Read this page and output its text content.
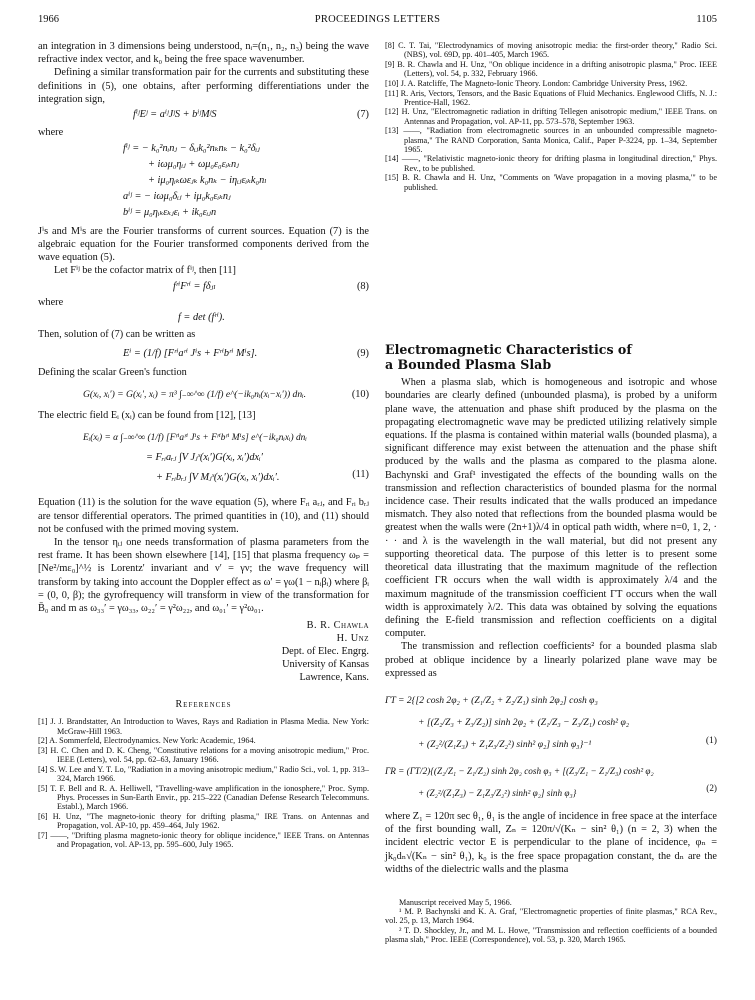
1966	PROCEEDINGS LETTERS	1105

an integration in 3 dimensions being understood, nᵢ=(n₁, n₂, n₃) being the wave refractive index vector, and k₀ being the free space wavenumber.

Defining a similar transformation pair for the currents and substituting these definitions in (5), one obtains, after performing differentiations under the integration sign,

fⁱʲEʲ = aⁱʲJʲS + bⁱʲMʲS	(7)

where

fⁱʲ = − k₀²nᵢnⱼ − δᵢⱼk₀²nₖnₖ − k₀²δᵢⱼ
+ iωμ₀ηᵢⱼ + ωμ₀ε₀εᵢₖnⱼ
+ iμ₀ηᵢₖωεⱼₖ k₀nₖ − iηᵢⱼεᵢₖk₀nₗ
aⁱʲ = − iωμ₀δᵢⱼ + iμ₀k₀εᵢₖnⱼ
bⁱʲ = μ₀ηᵢₖεₖⱼεᵢ + ik₀εᵢⱼn

Jⁱs and Mⁱs are the Fourier transforms of current sources. Equation (7) is the algebraic equation for the Fourier transformed components derived from the wave equation (5).

Let Fⁱʲ be the cofactor matrix of fⁱʲ, then [11]

fʳⁱFʳⁱ = fδⱼₗ	(8)

where

f = det (fʳⁱ).

Then, solution of (7) can be written as

Eⁱ = (1/f) [Fʳⁱaʳⁱ Jⁱs + Fʳⁱbʳⁱ Mⁱs].	(9)

Defining the scalar Green's function

G(xᵢ, xᵢ′) = G(xᵢ′, xᵢ) = π³ ∫₋∞^∞ (1/f) e^(−ik₀nᵢ(xᵢ−xᵢ′)) dnᵢ.	(10)

The electric field Eᵢ (xᵢ) can be found from [12], [13]

Eᵢ(xᵢ) = α ∫₋∞^∞ (1/f) [Fʳⁱaʳⁱ Jⁱs + Fʳⁱbʳⁱ Mⁱs] e^(−ik₀nᵢxᵢ) dnᵢ
= Fᵣᵢaᵣⱼ ∫V Jⱼˢ(xᵢ′)G(xᵢ, xᵢ′)dxᵢ′
+ Fᵣᵢbᵣⱼ ∫V Mⱼˢ(xᵢ′)G(xᵢ, xᵢ′)dxᵢ′.	(11)

Equation (11) is the solution for the wave equation (5), where Fᵣᵢ aᵣⱼ, and Fᵣᵢ bᵣⱼ are tensor differential operators. The primed quantities in (10), and (11) should not be confused with the primed moving system.

In the tensor ηᵢⱼ one needs transformation of plasma parameters from the rest frame. It has been shown elsewhere [14], [15] that plasma frequency ωₚ = [Ne²/mε₀]^½ is Lorentz' invariant and ν′ = γν; the wave frequency will transform by taking into account the Doppler effect as ω′ = γω(1 − nᵢβᵢ) where βᵢ = (0, 0, β); the gyrofrequency will transform in view of the transformation for B̄₀ and m as ω₃₃′ = γω₃₃, ω₂₂′ = γ²ω₂₂, and ω₀₁′ = γ²ω₀₁.

B. R. Chawla
H. Unz
Dept. of Elec. Engrg.
University of Kansas
Lawrence, Kans.
References
[1] J. J. Brandstatter, An Introduction to Waves, Rays and Radiation in Plasma Media. New York: McGraw-Hill 1963.
[2] A. Sommerfeld, Electrodynamics. New York: Academic, 1964.
[3] H. C. Chen and D. K. Cheng, "Constitutive relations for a moving anisotropic medium," Proc. IEEE (Letters), vol. 54, pp. 62–63, January 1966.
[4] S. W. Lee and Y. T. Lo, "Radiation in a moving anisotropic medium," Radio Sci., vol. 1, pp. 313–324, March 1966.
[5] T. F. Bell and R. A. Helliwell, "Travelling-wave amplification in the ionosphere," Proc. Symp. Phys. Processes in Sun-Earth Envir., pp. 215–222 (Canadian Defense Research Telecommuns. Establ.), March 1966.
[6] H. Unz, "The magneto-ionic theory for drifting plasma," IRE Trans. on Antennas and Propagation, vol. AP-10, pp. 459–464, July 1962.
[7] ——, "Drifting plasma magneto-ionic theory for oblique incidence," IEEE Trans. on Antennas and Propagation, vol. AP-13, pp. 595–600, July 1965.
[8] C. T. Tai, "Electrodynamics of moving anisotropic media: the first-order theory," Radio Sci. (NBS), vol. 69D, pp. 401–405, March 1965.
[9] B. R. Chawla and H. Unz, "On oblique incidence in a drifting anisotropic plasma," Proc. IEEE (Letters), vol. 54, p. 332, February 1966.
[10] J. A. Ratcliffe, The Magneto-Ionic Theory. London: Cambridge University Press, 1962.
[11] R. Aris, Vectors, Tensors, and the Basic Equations of Fluid Mechanics. Englewood Cliffs, N. J.: Prentice-Hall, 1962.
[12] H. Unz, "Electromagnetic radiation in drifting Tellegen anisotropic medium," IEEE Trans. on Antennas and Propagation, vol. AP-11, pp. 573–578, September 1963.
[13] ——, "Radiation from electromagnetic sources in an unbounded compressible magneto-plasma," The RAND Corporation, Santa Monica, Calif., Paper P-3224, pp. 1–34, September 1965.
[14] ——, "Relativistic magneto-ionic theory for drifting plasma in longitudinal direction," Phys. Rev., to be published.
[15] B. R. Chawla and H. Unz, "Comments on 'Wave propagation in a moving plasma,'" to be published.
Electromagnetic Characteristics of
a Bounded Plasma Slab

When a plasma slab, which is homogeneous and isotropic and whose boundaries are clearly defined (unbounded plasma), is probed by a uniform plane wave, the attenuation and phase shift produced by the plasma on the propagating electromagnetic wave may be predicted utilizing relatively simple equations. If the plasma is contained within material walls (bounded plasma), a significant difference may exist between the attenuation and the phase shift produced by the walls and the plasma as compared to the plasma alone. Bachynski and Graf¹ investigated the effects of the bounding walls on the transmission and reflection characteristics of bounded plasma for the normal incidence case. Their results indicated that the walls produced an impedance mismatch. They also noted that reflections from the bounded plasma would be greatest when the walls were (2n+1)λ/4 in optical path width, where n=0, 1, 2, · · · and λ is the wavelength in the wall material, but did not present any supporting theoretical data. The purpose of this letter is to present some theoretical data illustrating that the maximum magnitude of the reflection coefficient ΓR occurs when the wall width is approximately λ/4 and the maximum magnitude of the transmission coefficient ΓT occurs when the wall width is approximately λ/2. This data was obtained by solving the equations defining the E-field transmission and reflection coefficients on a digital computer.

The transmission and reflection coefficients² for a bounded plasma slab probed at oblique incidence by a linearly polarized plane wave may be expressed as

ΓT = 2{[2 cosh 2φ₂ + (Z₁/Z₂ + Z₂/Z₁) sinh 2φ₂] cosh φ₃
+ [(Z₂/Z₃ + Z₃/Z₂)] sinh 2φ₂ + (Z₁/Z₃ − Z₃/Z₁) cosh² φ₂
+ (Z₂²/(Z₁Z₃) + Z₁Z₃/Z₂²) sinh² φ₂] sinh φ₃}⁻¹	(1)
ΓR = (ΓT/2){(Z₂/Z₁ − Z₁/Z₂) sinh 2φ₂ cosh φ₃ + [(Z₃/Z₁ − Z₁/Z₃) cosh² φ₂
+ (Z₂²/(Z₁Z₃) − Z₁Z₃/Z₂²) sinh² φ₂] sinh φ₃}	(2)

where Z₁ = 120π sec θ₁, θ₁ is the angle of incidence in free space at the interface of the first bounding wall, Zₙ = 120π/√(Kₙ − sin² θ₁) (n = 2, 3) when the incident electric vector E is perpendicular to the plane of incidence, φₙ = jk₀dₙ√(Kₙ − sin² θ₁), k₀ is the free space propagation constant, the dₙ are the widths of the dielectric walls and the plasma

Manuscript received May 5, 1966.
¹ M. P. Bachynski and K. A. Graf, "Electromagnetic properties of finite plasmas," RCA Rev., vol. 25, p. 13, March 1964.
² T. D. Shockley, Jr., and M. L. Howe, "Transmission and reflection coefficients of a bounded plasma slab," Proc. IEEE (Correspondence), vol. 53, p. 320, March 1965.
